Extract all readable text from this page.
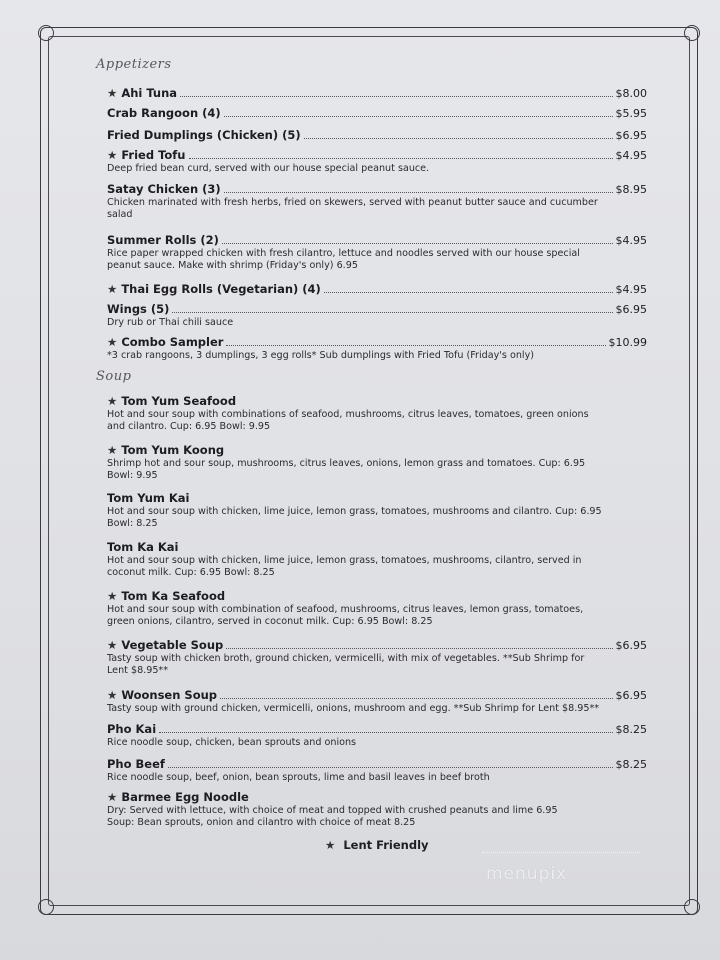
Appetizers
★ Ahi Tuna	$8.00
Crab Rangoon (4)	$5.95
Fried Dumplings (Chicken) (5)	$6.95
★ Fried Tofu	$4.95
Deep fried bean curd, served with our house special peanut sauce.
Satay Chicken (3)	$8.95
Chicken marinated with fresh herbs, fried on skewers, served with peanut butter sauce and cucumber
salad
Summer Rolls (2)	$4.95
Rice paper wrapped chicken with fresh cilantro, lettuce and noodles served with our house special
peanut sauce. Make with shrimp (Friday's only) 6.95
★ Thai Egg Rolls (Vegetarian) (4)	$4.95
Wings (5)	$6.95
Dry rub or Thai chili sauce
★ Combo Sampler	$10.99
*3 crab rangoons, 3 dumplings, 3 egg rolls* Sub dumplings with Fried Tofu (Friday's only)
Soup
★ Tom Yum Seafood
Hot and sour soup with combinations of seafood, mushrooms, citrus leaves, tomatoes, green onions
and cilantro. Cup: 6.95 Bowl: 9.95
★ Tom Yum Koong
Shrimp hot and sour soup, mushrooms, citrus leaves, onions, lemon grass and tomatoes. Cup: 6.95
Bowl: 9.95
Tom Yum Kai
Hot and sour soup with chicken, lime juice, lemon grass, tomatoes, mushrooms and cilantro. Cup: 6.95
Bowl: 8.25
Tom Ka Kai
Hot and sour soup with chicken, lime juice, lemon grass, tomatoes, mushrooms, cilantro, served in
coconut milk. Cup: 6.95 Bowl: 8.25
★ Tom Ka Seafood
Hot and sour soup with combination of seafood, mushrooms, citrus leaves, lemon grass, tomatoes,
green onions, cilantro, served in coconut milk. Cup: 6.95 Bowl: 8.25
★ Vegetable Soup	$6.95
Tasty soup with chicken broth, ground chicken, vermicelli, with mix of vegetables. **Sub Shrimp for
Lent $8.95**
★ Woonsen Soup	$6.95
Tasty soup with ground chicken, vermicelli, onions, mushroom and egg. **Sub Shrimp for Lent $8.95**
Pho Kai	$8.25
Rice noodle soup, chicken, bean sprouts and onions
Pho Beef	$8.25
Rice noodle soup, beef, onion, bean sprouts, lime and basil leaves in beef broth
★ Barmee Egg Noodle
Dry: Served with lettuce, with choice of meat and topped with crushed peanuts and lime 6.95
Soup: Bean sprouts, onion and cilantro with choice of meat 8.25
★ Lent Friendly
menupix
